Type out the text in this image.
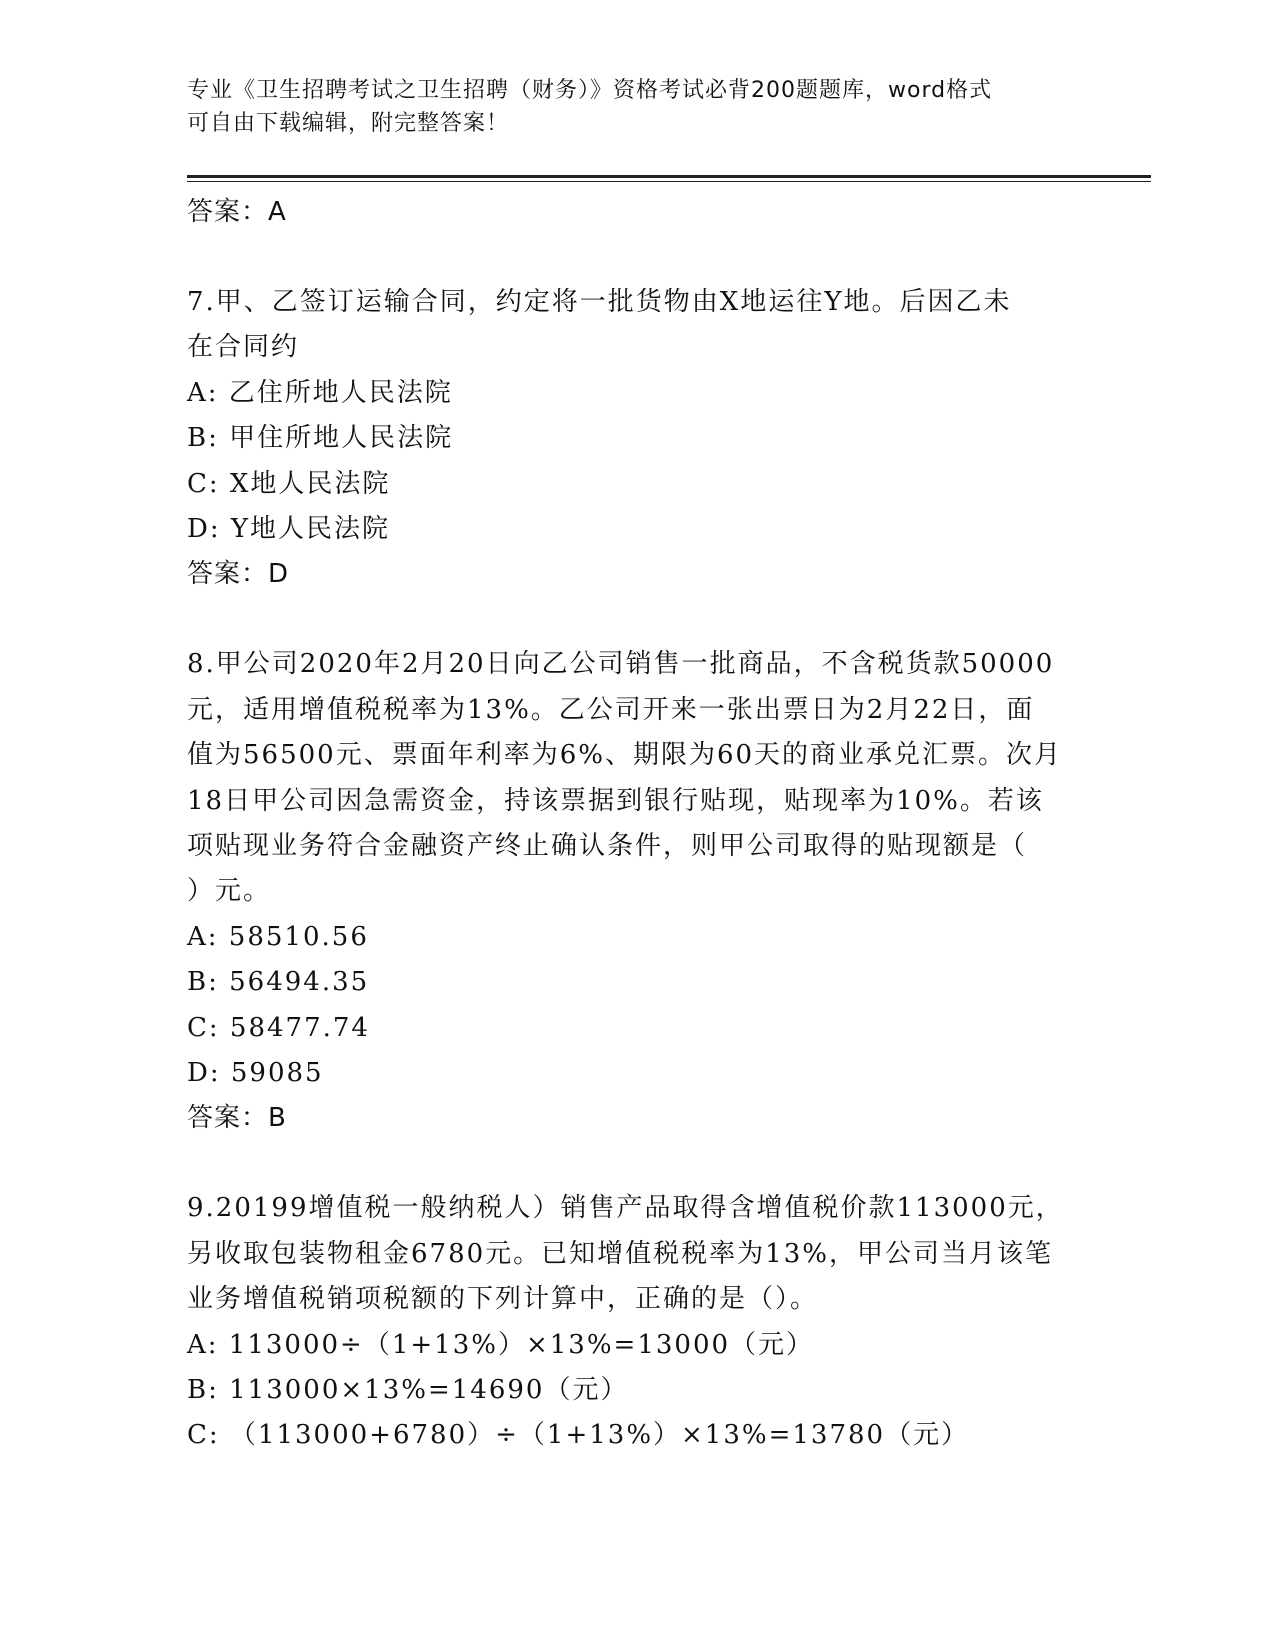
专业《卫生招聘考试之卫生招聘（财务）》资格考试必背200题题库，word格式
可自由下载编辑，附完整答案！
答案：A
7.甲、乙签订运输合同，约定将一批货物由X地运往Y地。后因乙未
在合同约
A: 乙住所地人民法院
B: 甲住所地人民法院
C: X地人民法院
D: Y地人民法院
答案：D
8.甲公司2020年2月20日向乙公司销售一批商品，不含税货款50000
元，适用增值税税率为13%。乙公司开来一张出票日为2月22日，面
值为56500元、票面年利率为6%、期限为60天的商业承兑汇票。次月
18日甲公司因急需资金，持该票据到银行贴现，贴现率为10%。若该
项贴现业务符合金融资产终止确认条件，则甲公司取得的贴现额是（
）元。
A: 58510.56
B: 56494.35
C: 58477.74
D: 59085
答案：B
9.20199增值税一般纳税人）销售产品取得含增值税价款113000元，
另收取包装物租金6780元。已知增值税税率为13%，甲公司当月该笔
业务增值税销项税额的下列计算中，正确的是（）。
A: 113000÷（1+13%）×13%=13000（元）
B: 113000×13%=14690（元）
C: （113000+6780）÷（1+13%）×13%=13780（元）
